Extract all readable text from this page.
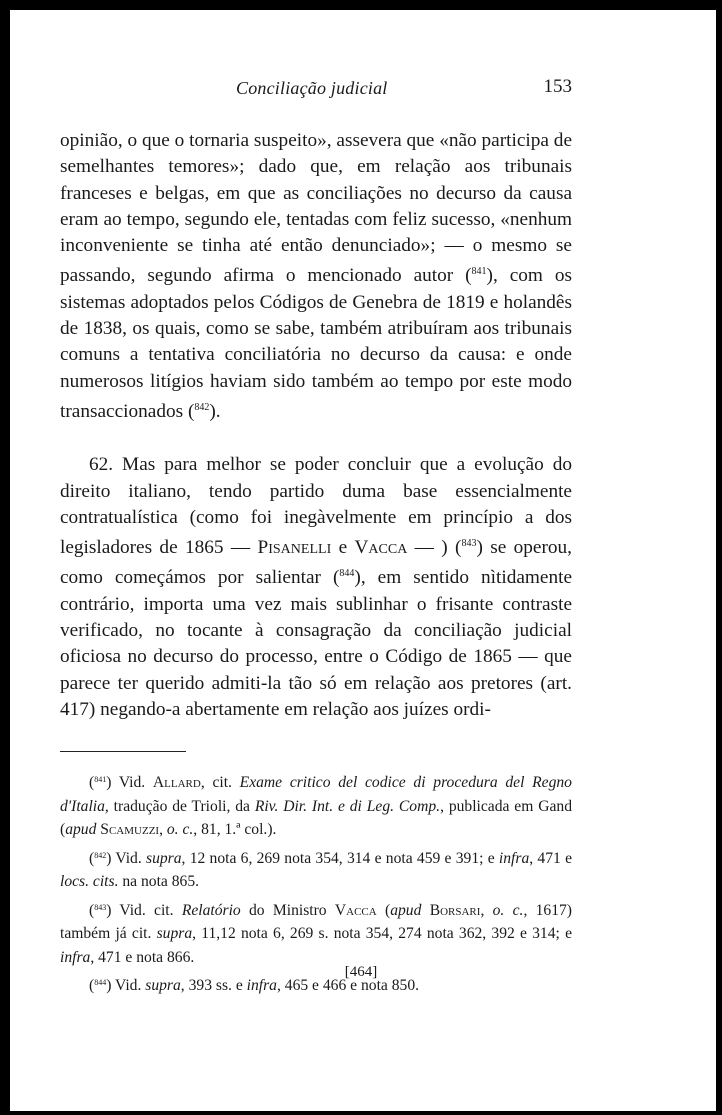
Conciliação judicial	153

opinião, o que o tornaria suspeito», assevera que «não participa de semelhantes temores»; dado que, em relação aos tribunais franceses e belgas, em que as conciliações no decurso da causa eram ao tempo, segundo ele, tentadas com feliz sucesso, «nenhum inconveniente se tinha até então denunciado»; — o mesmo se passando, segundo afirma o mencionado autor ($^{841}$), com os sistemas adoptados pelos Códigos de Genebra de 1819 e holandês de 1838, os quais, como se sabe, também atribuíram aos tribunais comuns a tentativa conciliatória no decurso da causa: e onde numerosos litígios haviam sido também ao tempo por este modo transaccionados ($^{842}$).

62. Mas para melhor se poder concluir que a evolução do direito italiano, tendo partido duma base essencialmente contratualística (como foi inegàvelmente em princípio a dos legisladores de 1865 — Pisanelli e Vacca — ) ($^{843}$) se operou, como começámos por salientar ($^{844}$), em sentido nìtidamente contrário, importa uma vez mais sublinhar o frisante contraste verificado, no tocante à consagração da conciliação judicial oficiosa no decurso do processo, entre o Código de 1865 — que parece ter querido admiti-la tão só em relação aos pretores (art. 417) negando-a abertamente em relação aos juízes ordi-

($^{841}$) Vid. Allard, cit. Exame critico del codice di procedura del Regno d'Italia, tradução de Trioli, da Riv. Dir. Int. e di Leg. Comp., publicada em Gand (apud Scamuzzi, o. c., 81, 1.ª col.).

($^{842}$) Vid. supra, 12 nota 6, 269 nota 354, 314 e nota 459 e 391; e infra, 471 e locs. cits. na nota 865.

($^{843}$) Vid. cit. Relatório do Ministro Vacca (apud Borsari, o. c., 1617) também já cit. supra, 11,12 nota 6, 269 s. nota 354, 274 nota 362, 392 e 314; e infra, 471 e nota 866.

($^{844}$) Vid. supra, 393 ss. e infra, 465 e 466 e nota 850.

[464]
